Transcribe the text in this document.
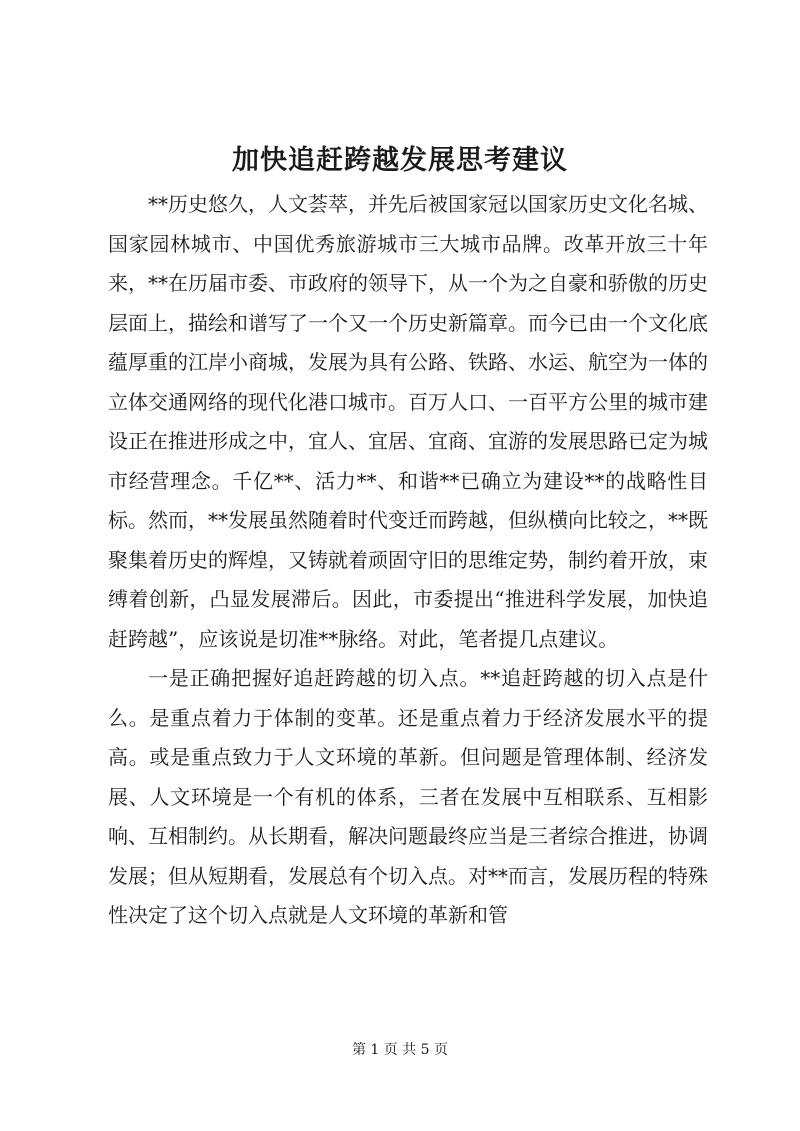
加快追赶跨越发展思考建议

**历史悠久，人文荟萃，并先后被国家冠以国家历史文化名城、国家园林城市、中国优秀旅游城市三大城市品牌。改革开放三十年来，**在历届市委、市政府的领导下，从一个为之自豪和骄傲的历史层面上，描绘和谱写了一个又一个历史新篇章。而今已由一个文化底蕴厚重的江岸小商城，发展为具有公路、铁路、水运、航空为一体的立体交通网络的现代化港口城市。百万人口、一百平方公里的城市建设正在推进形成之中，宜人、宜居、宜商、宜游的发展思路已定为城市经营理念。千亿**、活力**、和谐**已确立为建设**的战略性目标。然而，**发展虽然随着时代变迁而跨越，但纵横向比较之，**既聚集着历史的辉煌，又铸就着顽固守旧的思维定势，制约着开放，束缚着创新，凸显发展滞后。因此，市委提出“推进科学发展，加快追赶跨越”，应该说是切准**脉络。对此，笔者提几点建议。

一是正确把握好追赶跨越的切入点。**追赶跨越的切入点是什么。是重点着力于体制的变革。还是重点着力于经济发展水平的提高。或是重点致力于人文环境的革新。但问题是管理体制、经济发展、人文环境是一个有机的体系，三者在发展中互相联系、互相影响、互相制约。从长期看，解决问题最终应当是三者综合推进，协调发展；但从短期看，发展总有个切入点。对**而言，发展历程的特殊性决定了这个切入点就是人文环境的革新和管

第 1 页 共 5 页
